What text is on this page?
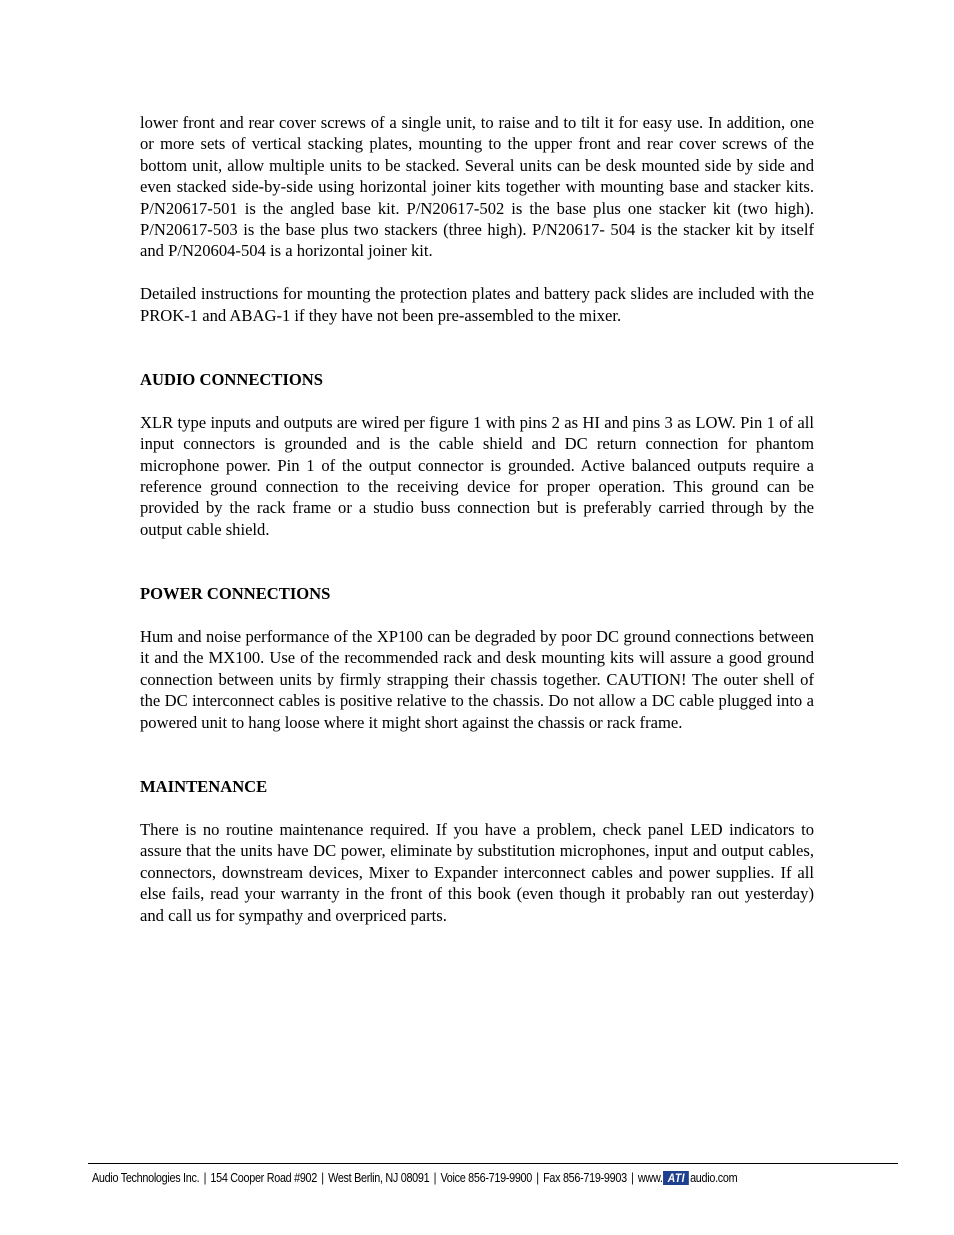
lower front and rear cover screws of a single unit, to raise and to tilt it for easy use. In addition, one or more sets of vertical stacking plates, mounting to the upper front and rear cover screws of the bottom unit, allow multiple units to be stacked. Several units can be desk mounted side by side and even stacked side-by-side using horizontal joiner kits together with mounting base and stacker kits. P/N20617-501 is the angled base kit. P/N20617-502 is the base plus one stacker kit (two high). P/N20617-503 is the base plus two stackers (three high). P/N20617- 504 is the stacker kit by itself and P/N20604-504 is a horizontal joiner kit.

Detailed instructions for mounting the protection plates and battery pack slides are included with the PROK-1 and ABAG-1 if they have not been pre-assembled to the mixer.

AUDIO CONNECTIONS

XLR type inputs and outputs are wired per figure 1 with pins 2 as HI and pins 3 as LOW. Pin 1 of all input connectors is grounded and is the cable shield and DC return connection for phantom microphone power. Pin 1 of the output connector is grounded. Active balanced outputs require a reference ground connection to the receiving device for proper operation. This ground can be provided by the rack frame or a studio buss connection but is preferably carried through by the output cable shield.

POWER CONNECTIONS

Hum and noise performance of the XP100 can be degraded by poor DC ground connections between it and the MX100. Use of the recommended rack and desk mounting kits will assure a good ground connection between units by firmly strapping their chassis together. CAUTION! The outer shell of the DC interconnect cables is positive relative to the chassis. Do not allow a DC cable plugged into a powered unit to hang loose where it might short against the chassis or rack frame.

MAINTENANCE

There is no routine maintenance required. If you have a problem, check panel LED indicators to assure that the units have DC power, eliminate by substitution microphones, input and output cables, connectors, downstream devices, Mixer to Expander interconnect cables and power supplies. If all else fails, read your warranty in the front of this book (even though it probably ran out yesterday) and call us for sympathy and overpriced parts.

Audio Technologies Inc. | 154 Cooper Road #902 | West Berlin, NJ 08091 | Voice 856-719-9900 | Fax 856-719-9903 | www. ATI audio.com
